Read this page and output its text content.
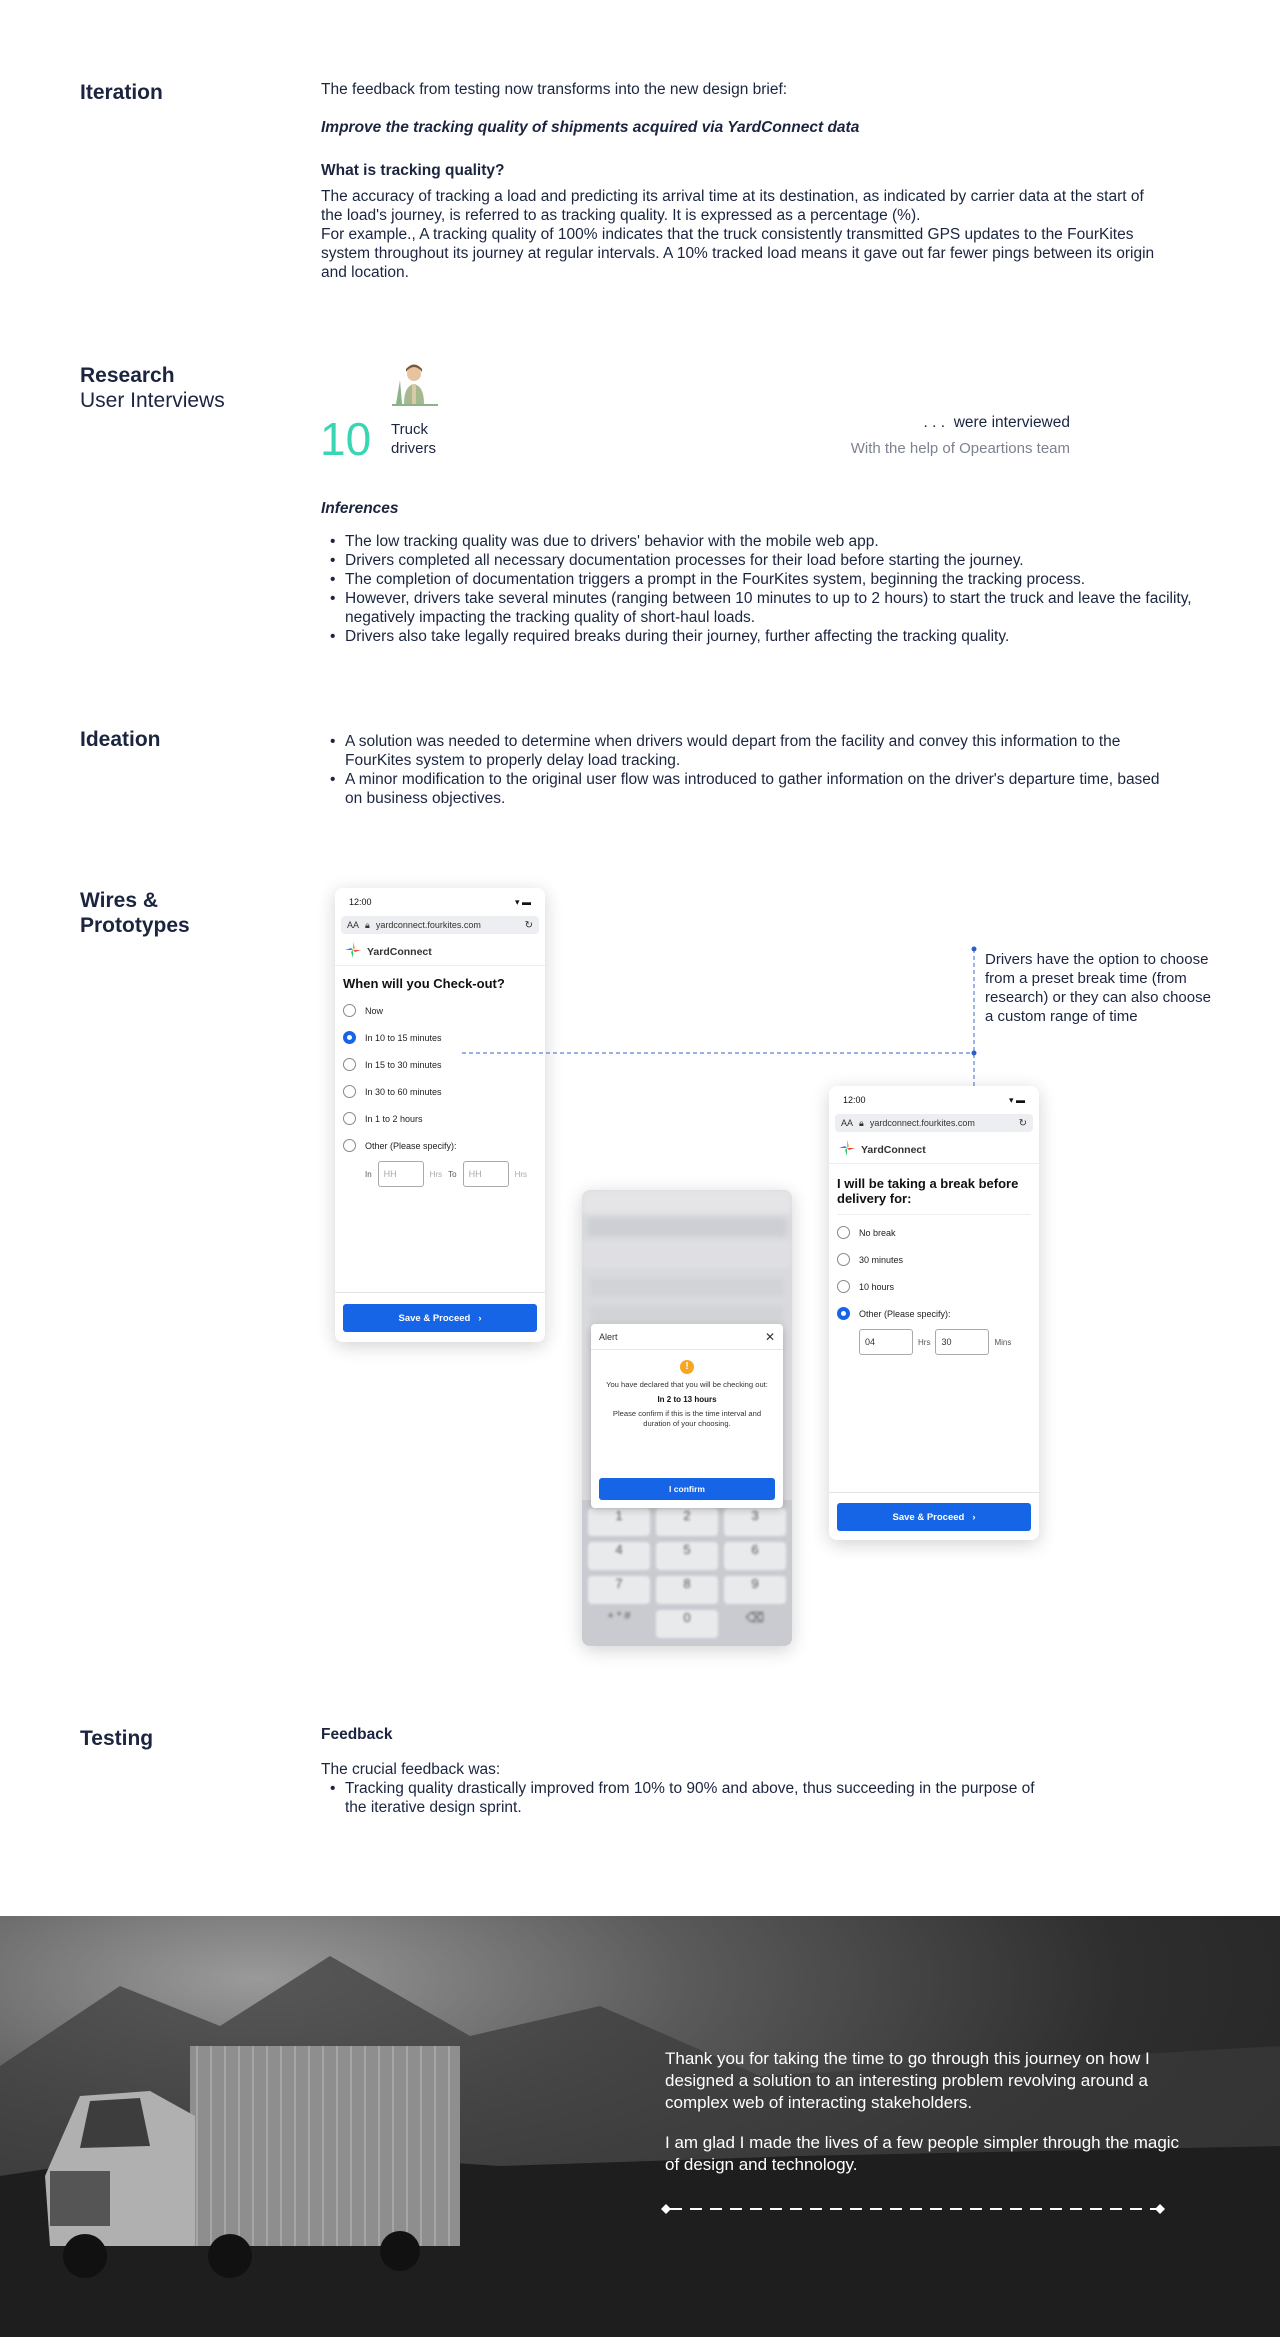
Iteration	The feedback from testing now transforms into the new design brief:
Improve the tracking quality of shipments acquired via YardConnect data
What is tracking quality?
The accuracy of tracking a load and predicting its arrival time at its destination, as indicated by carrier data at the start of the load's journey, is referred to as tracking quality. It is expressed as a percentage (%).
For example., A tracking quality of 100% indicates that the truck consistently transmitted GPS updates to the FourKites system throughout its journey at regular intervals. A 10% tracked load means it gave out far fewer pings between its origin and location.
Research
User Interviews
10 Truck drivers
. . .  were interviewed
With the help of Opeartions team
Inferences
• The low tracking quality was due to drivers' behavior with the mobile web app.
• Drivers completed all necessary documentation processes for their load before starting the journey.
• The completion of documentation triggers a prompt in the FourKites system, beginning the tracking process.
• However, drivers take several minutes (ranging between 10 minutes to up to 2 hours) to start the truck and leave the facility, negatively impacting the tracking quality of short-haul loads.
• Drivers also take legally required breaks during their journey, further affecting the tracking quality.
Ideation	• A solution was needed to determine when drivers would depart from the facility and convey this information to the FourKites system to properly delay load tracking.
• A minor modification to the original user flow was introduced to gather information on the driver's departure time, based on business objectives.
Wires & Prototypes
12:00	▾ ▬
AA 🔒︎ yardconnect.fourkites.com	↻
YardConnect
When will you Check-out?
Now
In 10 to 15 minutes
In 15 to 30 minutes
In 30 to 60 minutes
In 1 to 2 hours
Other (Please specify):
In	HH	Hrs To	HH	Hrs
Save & Proceed ›
Drivers have the option to choose from a preset break time (from research) or they can also choose a custom range of time
1	2	3
4	5	6
7	8	9
+ * #	0	⌫
Alert	✕
!
You have declared that you will be checking out:
In 2 to 13 hours
Please confirm if this is the time interval and duration of your choosing.
I confirm
12:00	▾ ▬
AA 🔒︎ yardconnect.fourkites.com	↻
YardConnect
I will be taking a break before delivery for:
No break
30 minutes
10 hours
Other (Please specify):
04	Hrs	30	Mins
Save & Proceed ›
Testing	Feedback
The crucial feedback was:
• Tracking quality drastically improved from 10% to 90% and above, thus succeeding in the purpose of the iterative design sprint.
Thank you for taking the time to go through this journey on how I designed a solution to an interesting problem revolving around a complex web of interacting stakeholders.
I am glad I made the lives of a few people simpler through the magic of design and technology.
